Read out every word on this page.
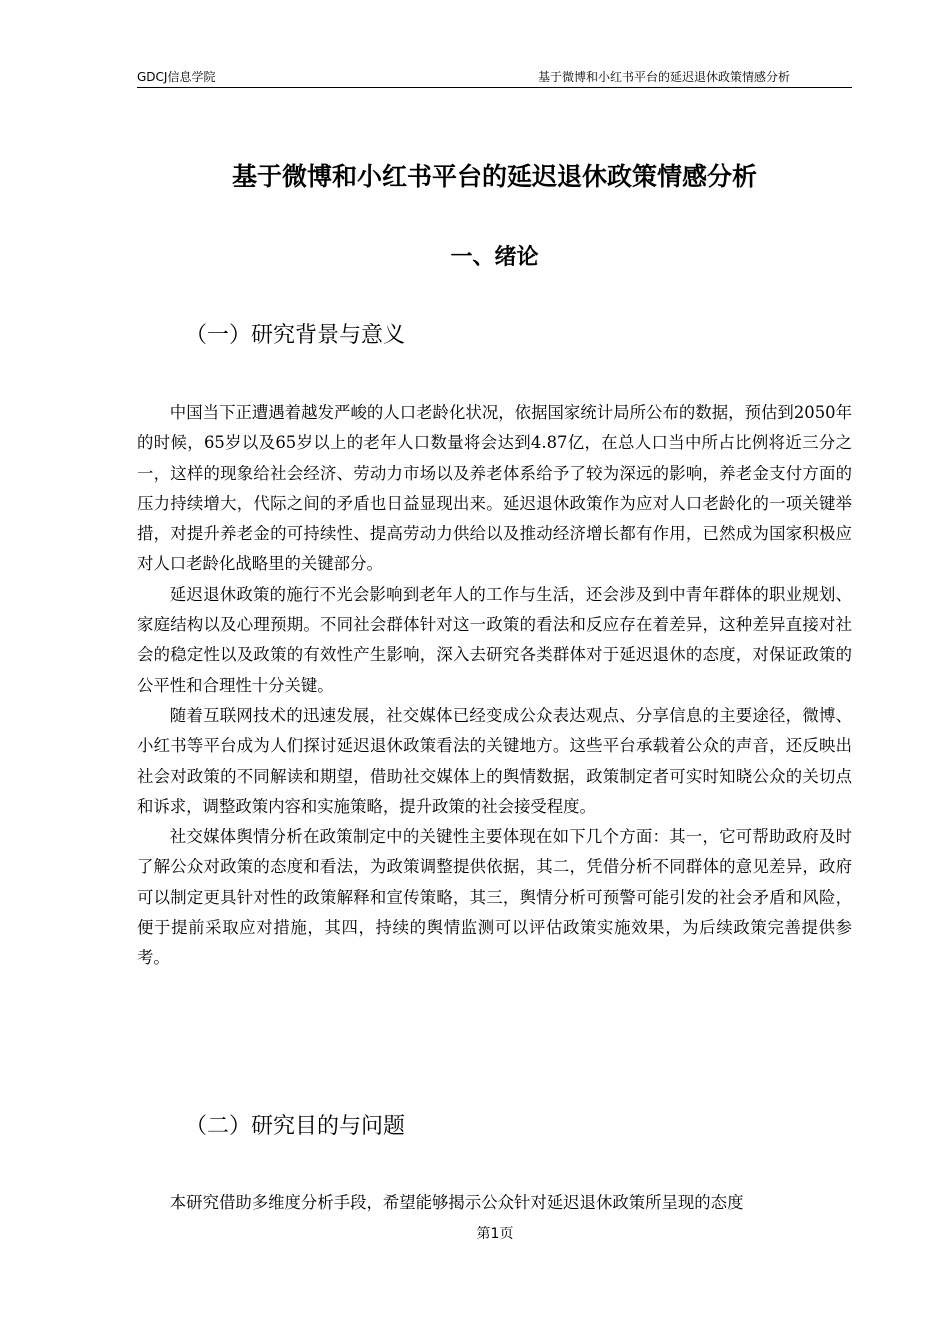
GDCJ信息学院	基于微博和小红书平台的延迟退休政策情感分析
基于微博和小红书平台的延迟退休政策情感分析
一、绪论
（一）研究背景与意义

中国当下正遭遇着越发严峻的人口老龄化状况，依据国家统计局所公布的数据，预估到2050年的时候，65岁以及65岁以上的老年人口数量将会达到4.87亿，在总人口当中所占比例将近三分之一，这样的现象给社会经济、劳动力市场以及养老体系给予了较为深远的影响，养老金支付方面的压力持续增大，代际之间的矛盾也日益显现出来。延迟退休政策作为应对人口老龄化的一项关键举措，对提升养老金的可持续性、提高劳动力供给以及推动经济增长都有作用，已然成为国家积极应对人口老龄化战略里的关键部分。

延迟退休政策的施行不光会影响到老年人的工作与生活，还会涉及到中青年群体的职业规划、家庭结构以及心理预期。不同社会群体针对这一政策的看法和反应存在着差异，这种差异直接对社会的稳定性以及政策的有效性产生影响，深入去研究各类群体对于延迟退休的态度，对保证政策的公平性和合理性十分关键。

随着互联网技术的迅速发展，社交媒体已经变成公众表达观点、分享信息的主要途径，微博、小红书等平台成为人们探讨延迟退休政策看法的关键地方。这些平台承载着公众的声音，还反映出社会对政策的不同解读和期望，借助社交媒体上的舆情数据，政策制定者可实时知晓公众的关切点和诉求，调整政策内容和实施策略，提升政策的社会接受程度。

社交媒体舆情分析在政策制定中的关键性主要体现在如下几个方面：其一，它可帮助政府及时了解公众对政策的态度和看法，为政策调整提供依据，其二，凭借分析不同群体的意见差异，政府可以制定更具针对性的政策解释和宣传策略，其三，舆情分析可预警可能引发的社会矛盾和风险，便于提前采取应对措施，其四，持续的舆情监测可以评估政策实施效果，为后续政策完善提供参考。

（二）研究目的与问题

本研究借助多维度分析手段，希望能够揭示公众针对延迟退休政策所呈现的态度

第1页
